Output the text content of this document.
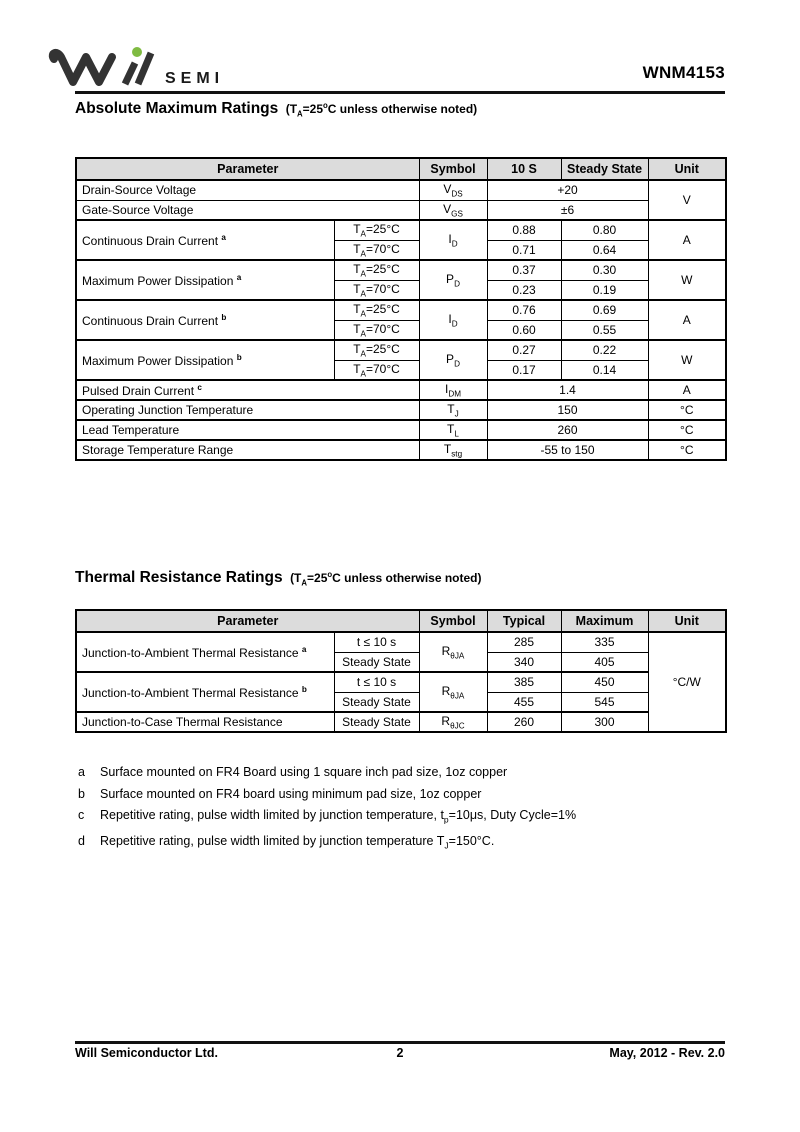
SEMI	WNM4153
Absolute Maximum Ratings ($T_A=25^oC$ unless otherwise noted)
Parameter		Symbol	10 S	Steady State	Unit
Drain-Source Voltage		$V_{DS}$	+20		V
Gate-Source Voltage		$V_{GS}$	±6		
Continuous Drain Current $^a$	$T_A=25^\circ C$	$I_D$	0.88	0.80	A
	$T_A=70^\circ C$		0.71	0.64	
Maximum Power Dissipation $^a$	$T_A=25^\circ C$	$P_D$	0.37	0.30	W
	$T_A=70^\circ C$		0.23	0.19	
Continuous Drain Current $^b$	$T_A=25^\circ C$	$I_D$	0.76	0.69	A
	$T_A=70^\circ C$		0.60	0.55	
Maximum Power Dissipation $^b$	$T_A=25^\circ C$	$P_D$	0.27	0.22	W
	$T_A=70^\circ C$		0.17	0.14	
Pulsed Drain Current $^c$		$I_{DM}$	1.4		A
Operating Junction Temperature		$T_J$	150		°C
Lead Temperature		$T_L$	260		°C
Storage Temperature Range		$T_{stg}$	-55 to 150		°C
Thermal Resistance Ratings ($T_A=25^oC$ unless otherwise noted)
Parameter		Symbol	Typical	Maximum	Unit
Junction-to-Ambient Thermal Resistance $^a$	t ≤ 10 s	$R_{\theta JA}$	285	335	°C/W
	Steady State		340	405	
Junction-to-Ambient Thermal Resistance $^b$	t ≤ 10 s	$R_{\theta JA}$	385	450	
	Steady State		455	545	
Junction-to-Case Thermal Resistance	Steady State	$R_{\theta JC}$	260	300	
a	Surface mounted on FR4 Board using 1 square inch pad size, 1oz copper
b	Surface mounted on FR4 board using minimum pad size, 1oz copper
c	Repetitive rating, pulse width limited by junction temperature, $t_p=10\mu s$, Duty Cycle=1%
d	Repetitive rating, pulse width limited by junction temperature $T_J=150^\circ C$.
Will Semiconductor Ltd.	2	May, 2012 - Rev. 2.0
